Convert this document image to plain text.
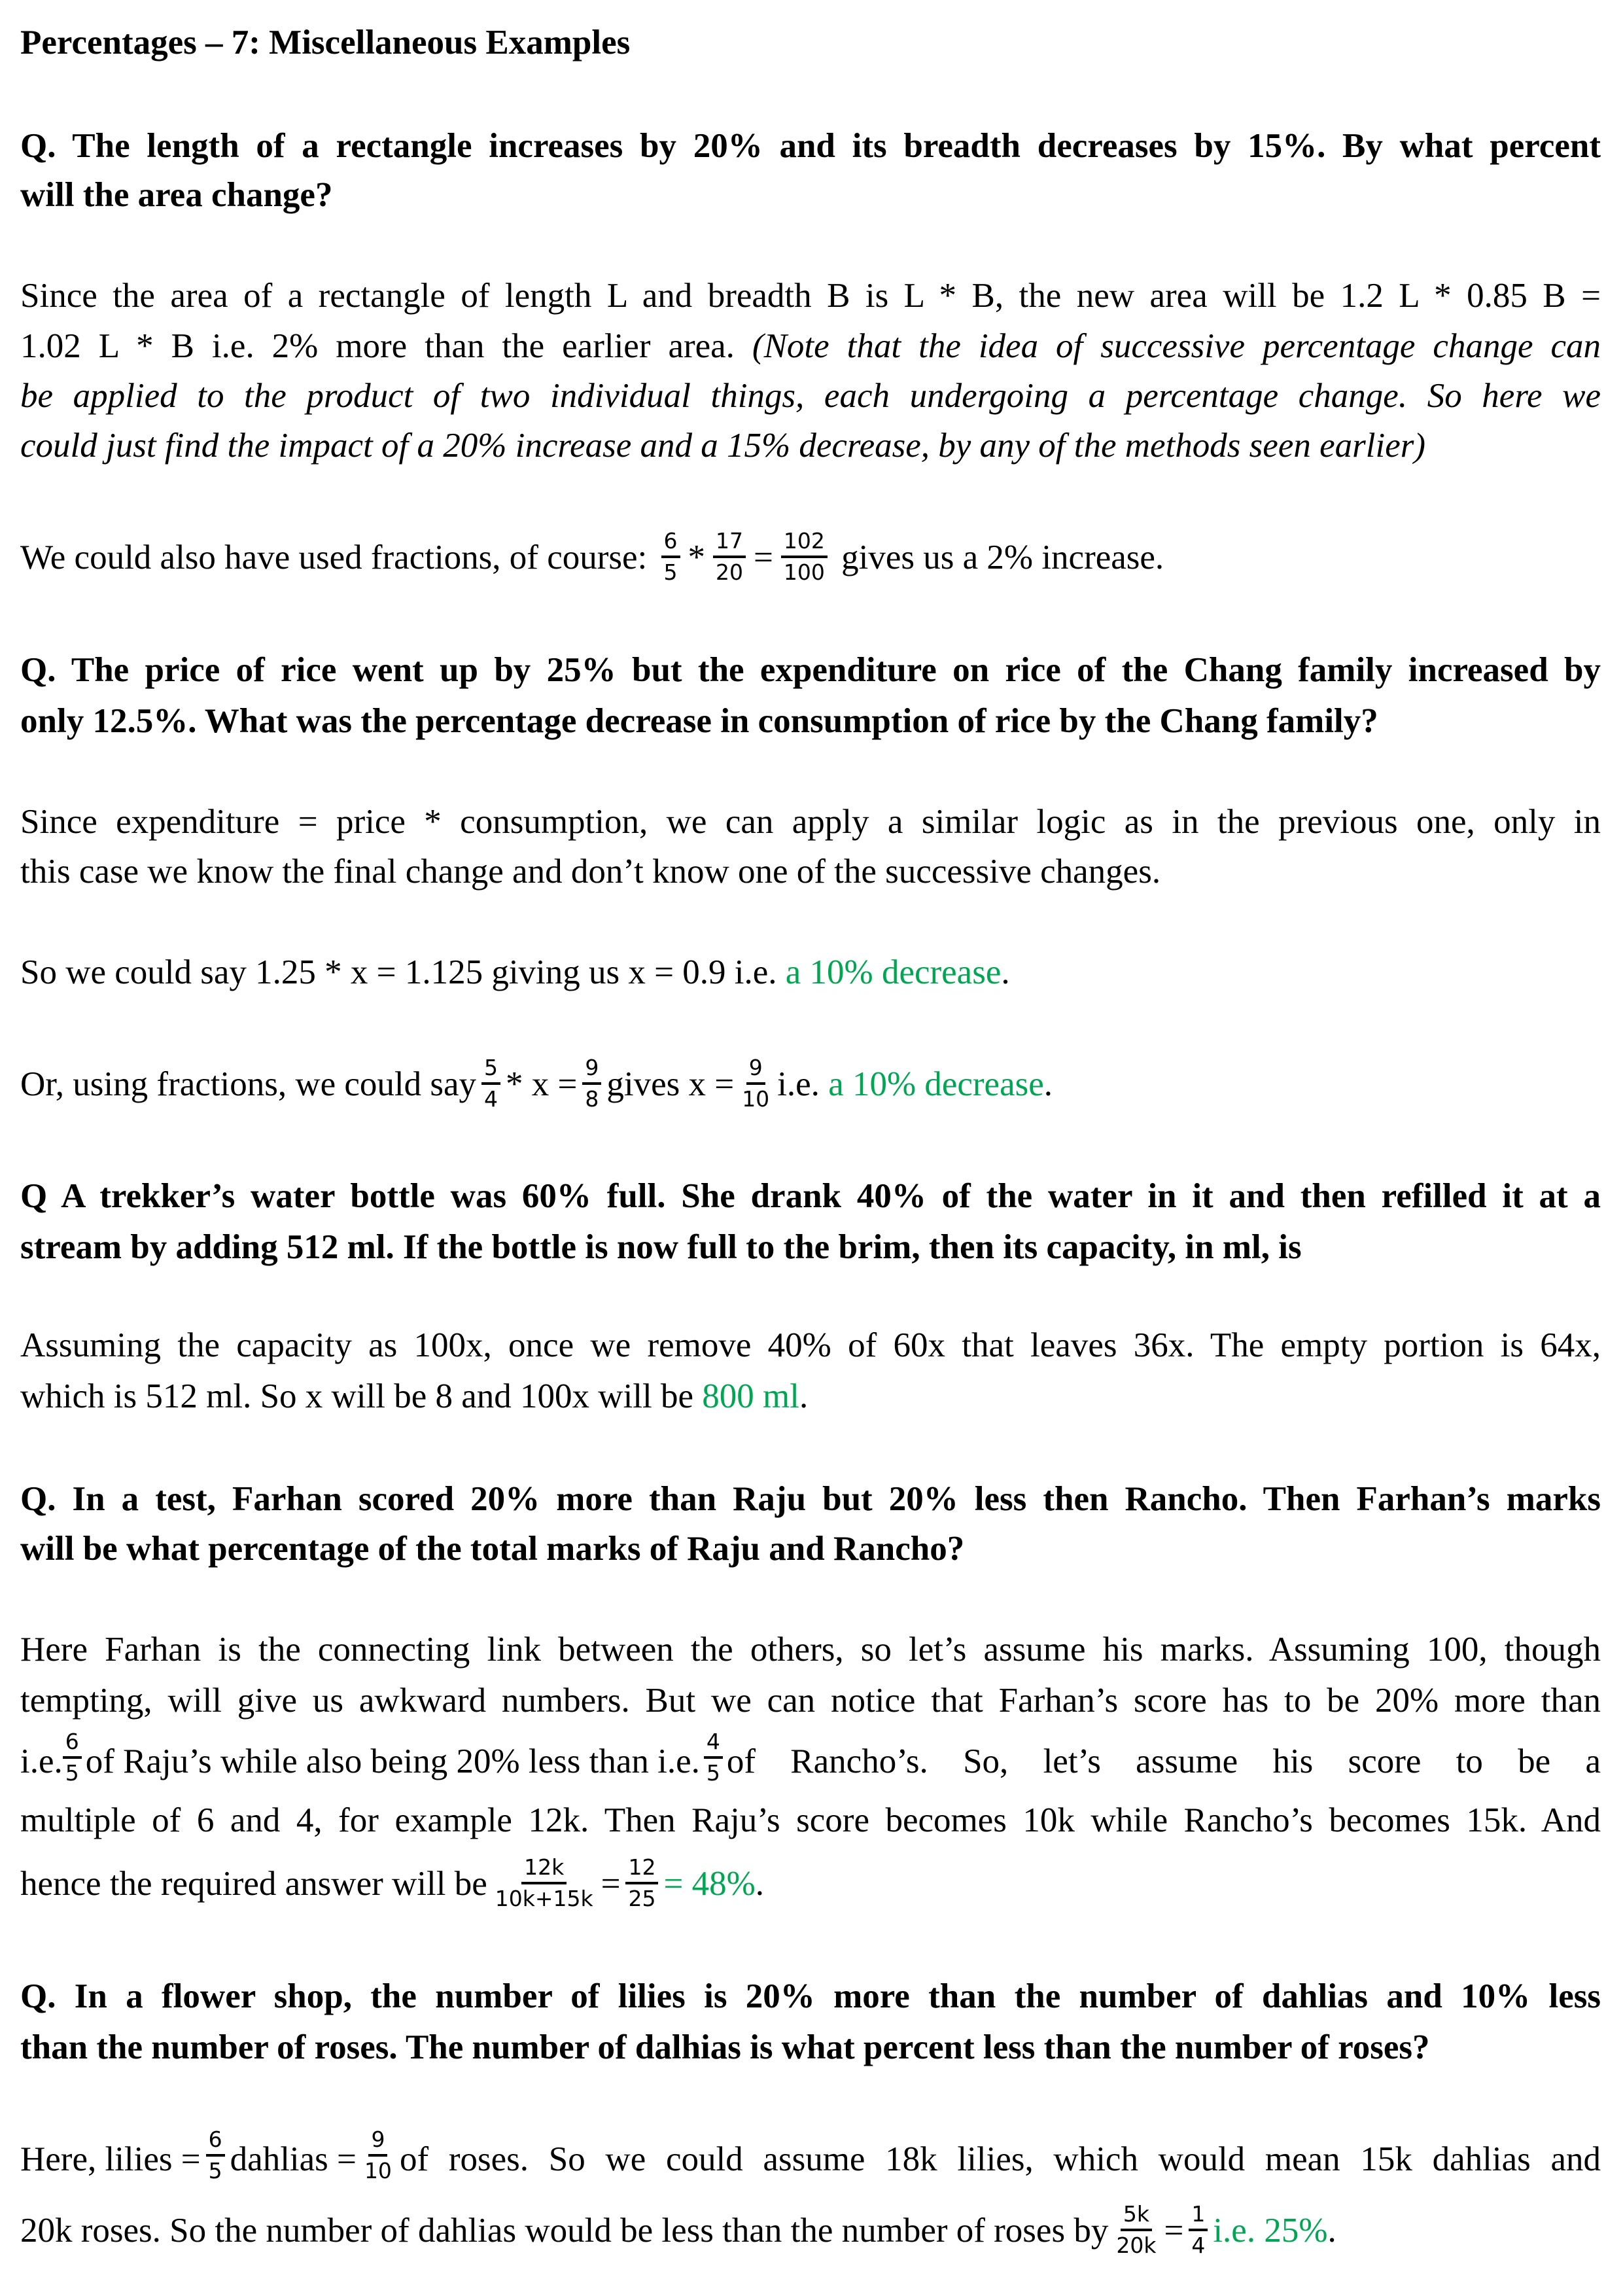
Percentages – 7: Miscellaneous Examples
Q. The length of a rectangle increases by 20% and its breadth decreases by 15%. By what percent
will the area change?
Since the area of a rectangle of length L and breadth B is L * B, the new area will be 1.2 L * 0.85 B =
1.02 L * B i.e. 2% more than the earlier area. (Note that the idea of successive percentage change can
be applied to the product of two individual things, each undergoing a percentage change. So here we
could just find the impact of a 20% increase and a 15% decrease, by any of the methods seen earlier)
We could also have used fractions, of course: $\frac{6}{5} * \frac{17}{20} = \frac{102}{100}$ gives us a 2% increase.
Q. The price of rice went up by 25% but the expenditure on rice of the Chang family increased by
only 12.5%. What was the percentage decrease in consumption of rice by the Chang family?
Since expenditure = price * consumption, we can apply a similar logic as in the previous one, only in
this case we know the final change and don’t know one of the successive changes.
So we could say 1.25 * x = 1.125 giving us x = 0.9 i.e. a 10% decrease.
Or, using fractions, we could say $\frac{5}{4} * x = \frac{9}{8}$ gives $x = \frac{9}{10} i.e$. a 10% decrease.
Q A trekker’s water bottle was 60% full. She drank 40% of the water in it and then refilled it at a
stream by adding 512 ml. If the bottle is now full to the brim, then its capacity, in ml, is
Assuming the capacity as 100x, once we remove 40% of 60x that leaves 36x. The empty portion is 64x,
which is 512 ml. So x will be 8 and 100x will be 800 ml.
Q. In a test, Farhan scored 20% more than Raju but 20% less then Rancho. Then Farhan’s marks
will be what percentage of the total marks of Raju and Rancho?
Here Farhan is the connecting link between the others, so let’s assume his marks. Assuming 100, though
tempting, will give us awkward numbers. But we can notice that Farhan’s score has to be 20% more than
i.e. $\frac{6}{5}$ of Raju’s while also being 20% less than i.e. $\frac{4}{5}$ of Rancho’s. So, let’s assume his score to be a
multiple of 6 and 4, for example 12k. Then Raju’s score becomes 10k while Rancho’s becomes 15k. And
hence the required answer will be $\frac{12k}{10k+15k} = \frac{12}{25} = 48\%$.
Q. In a flower shop, the number of lilies is 20% more than the number of dahlias and 10% less
than the number of roses. The number of dalhias is what percent less than the number of roses?
Here, lilies = $\frac{6}{5}$ dahlias = $\frac{9}{10}$ of roses. So we could assume 18k lilies, which would mean 15k dahlias and
20k roses. So the number of dahlias would be less than the number of roses by $\frac{5k}{20k} = \frac{1}{4} i.e$. 25%.
